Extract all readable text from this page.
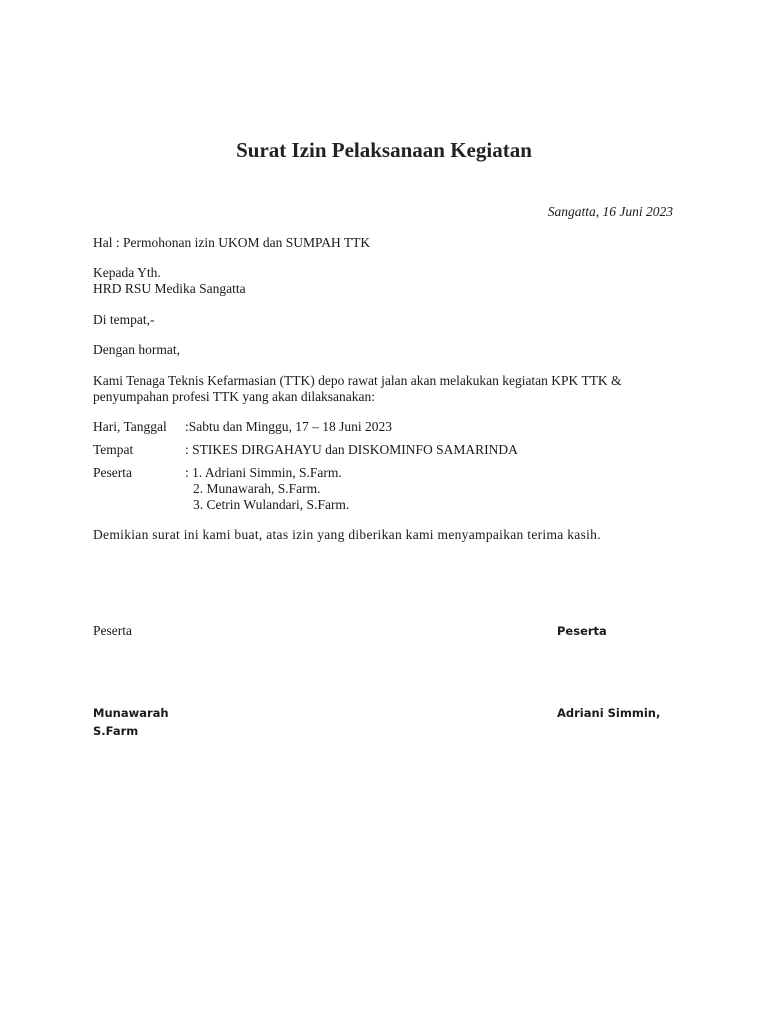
Surat Izin Pelaksanaan Kegiatan
Sangatta, 16 Juni 2023
Hal : Permohonan izin UKOM dan SUMPAH TTK
Kepada Yth.
HRD RSU Medika Sangatta
Di tempat,-
Dengan hormat,
Kami Tenaga Teknis Kefarmasian (TTK) depo rawat jalan akan melakukan kegiatan KPK TTK &
penyumpahan profesi TTK yang akan dilaksanakan:
Hari, Tanggal :Sabtu dan Minggu, 17 – 18 Juni 2023
Tempat	: STIKES DIRGAHAYU dan DISKOMINFO SAMARINDA
Peserta	: 1. Adriani Simmin, S.Farm.
2. Munawarah, S.Farm.
3. Cetrin Wulandari, S.Farm.
Demikian surat ini kami buat, atas izin yang diberikan kami menyampaikan terima kasih.
Peserta	Peserta
Munawarah	Adriani Simmin,
S.Farm
